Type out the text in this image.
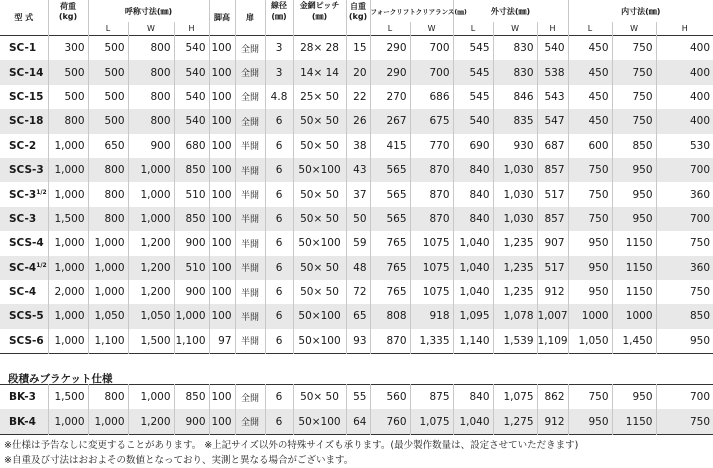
型 式	荷重
(kg)	呼称寸法(㎜)			脚高	扉	線径
(㎜)	金網ピッチ
(㎜)	自重
(kg)	フォークリフトクリアランス(㎜)		外寸法(㎜)			内寸法(㎜)		
		L	W	H						L	W	L	W	H	L	W	H
SC-1	300	500	800	540	100	全開	3	28× 28	15	290	700	545	830	540	450	750	400
SC-14	500	500	800	540	100	全開	3	14× 14	20	290	700	545	830	538	450	750	400
SC-15	500	500	800	540	100	全開	4.8	25× 50	22	270	686	545	846	543	450	750	400
SC-18	800	500	800	540	100	全開	6	50× 50	26	267	675	540	835	547	450	750	400
SC-2	1,000	650	900	680	100	半開	6	50× 50	38	415	770	690	930	687	600	850	530
SCS-3	1,000	800	1,000	850	100	半開	6	50×100	43	565	870	840	1,030	857	750	950	700
$SC-3^{1/2}$	1,000	800	1,000	510	100	半開	6	50× 50	37	565	870	840	1,030	517	750	950	360
SC-3	1,500	800	1,000	850	100	半開	6	50× 50	50	565	870	840	1,030	857	750	950	700
SCS-4	1,000	1,000	1,200	900	100	半開	6	50×100	59	765	1075	1,040	1,235	907	950	1150	750
$SC-4^{1/2}$	1,000	1,000	1,200	510	100	半開	6	50× 50	48	765	1075	1,040	1,235	517	950	1150	360
SC-4	2,000	1,000	1,200	900	100	半開	6	50× 50	72	765	1075	1,040	1,235	912	950	1150	750
SCS-5	1,000	1,050	1,050	1,000	100	半開	6	50×100	65	808	918	1,095	1,078	1,007	1000	1000	850
SCS-6	1,000	1,100	1,500	1,100	97	半開	6	50×100	93	870	1,335	1,140	1,539	1,109	1,050	1,450	950
段積みブラケット仕様
BK-3	1,500	800	1,000	850	100	全開	6	50× 50	55	560	875	840	1,075	862	750	950	700
BK-4	1,000	1,000	1,200	900	100	全開	6	50×100	64	760	1,075	1,040	1,275	912	950	1150	750
※仕様は予告なしに変更することがあります。 ※上記サイズ以外の特殊サイズも承ります。(最少製作数量は、設定させていただきます)
※自重及び寸法はおおよその数値となっており、実測と異なる場合がございます。
